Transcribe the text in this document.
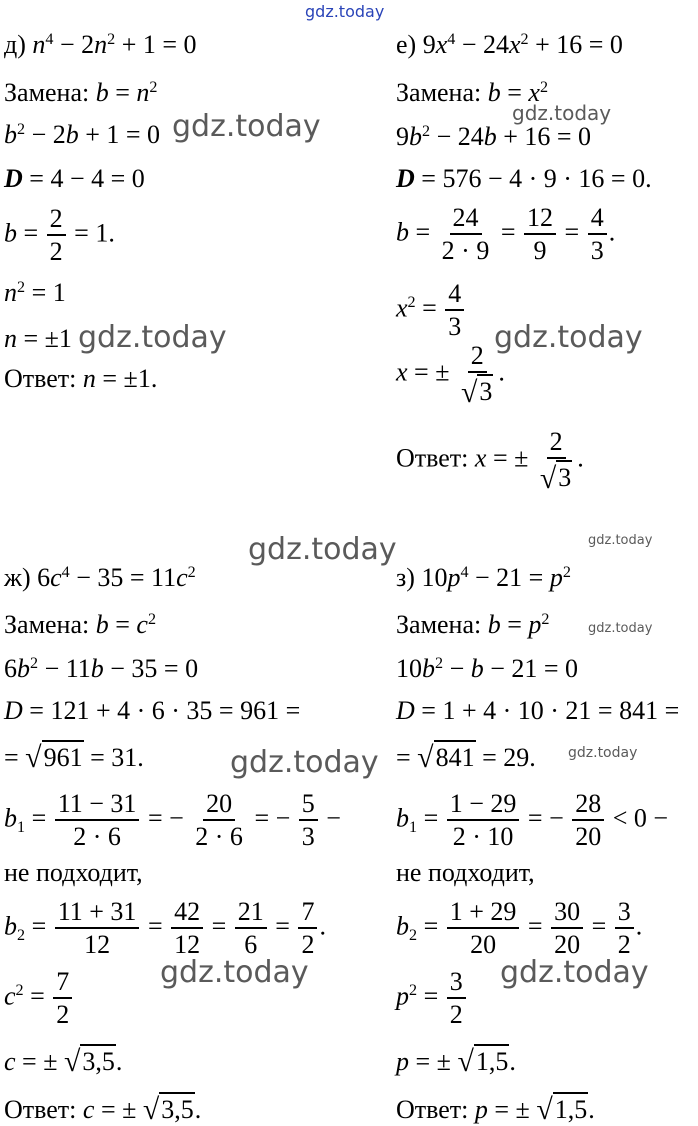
gdz.today
gdz.today	gdz.today
gdz.today	gdz.today
gdz.today	gdz.today
gdz.today
gdz.today	gdz.today
gdz.today	gdz.today
д) $n^4 - 2n^2 + 1 = 0$
Замена: $b = n^2$
$b^2 - 2b + 1 = 0$
D = 4 − 4 = 0
$b = \frac{2}{2} = 1$.
$n^2 = 1$
n = ±1
Ответ: n = ±1.
е) $9x^4 - 24x^2 + 16 = 0$
Замена: $b = x^2$
$9b^2 - 24b + 16 = 0$
D = 576 − 4 · 9 · 16 = 0.
$b = \frac{24}{2 \cdot 9} = \frac{12}{9} = \frac{4}{3}$ .
$x^2 = \frac{4}{3}$
x = ± $\frac{2}{√3}$ .
Ответ: x = ± $\frac{2}{√3}$ .
ж) $6c^4 - 35 = 11c^2$
Замена: $b = c^2$
$6b^2 - 11b - 35 = 0$
D = 121 + 4 · 6 · 35 = 961 =
= √961 = 31.
$b_1 = \frac{11 - 31}{2 \cdot 6}$ = − $\frac{20}{2 \cdot 6}$ = − $\frac{5}{3}$ −
не подходит,
$b_2 = \frac{11 + 31}{12} = \frac{42}{12} = \frac{21}{6} = \frac{7}{2}$ .
$c^2 = \frac{7}{2}$
c = ± √3,5.
Ответ: c = ± √3,5.
з) $10p^4 - 21 = p^2$
Замена: $b = p^2$
$10b^2 - b - 21 = 0$
D = 1 + 4 · 10 · 21 = 841 =
= √841 = 29.
$b_1 = \frac{1 - 29}{2 \cdot 10}$ = − $\frac{28}{20} < 0$ −
не подходит,
$b_2 = \frac{1 + 29}{20} = \frac{30}{20} = \frac{3}{2}$ .
$p^2 = \frac{3}{2}$
p = ± √1,5.
Ответ: p = ± √1,5.
